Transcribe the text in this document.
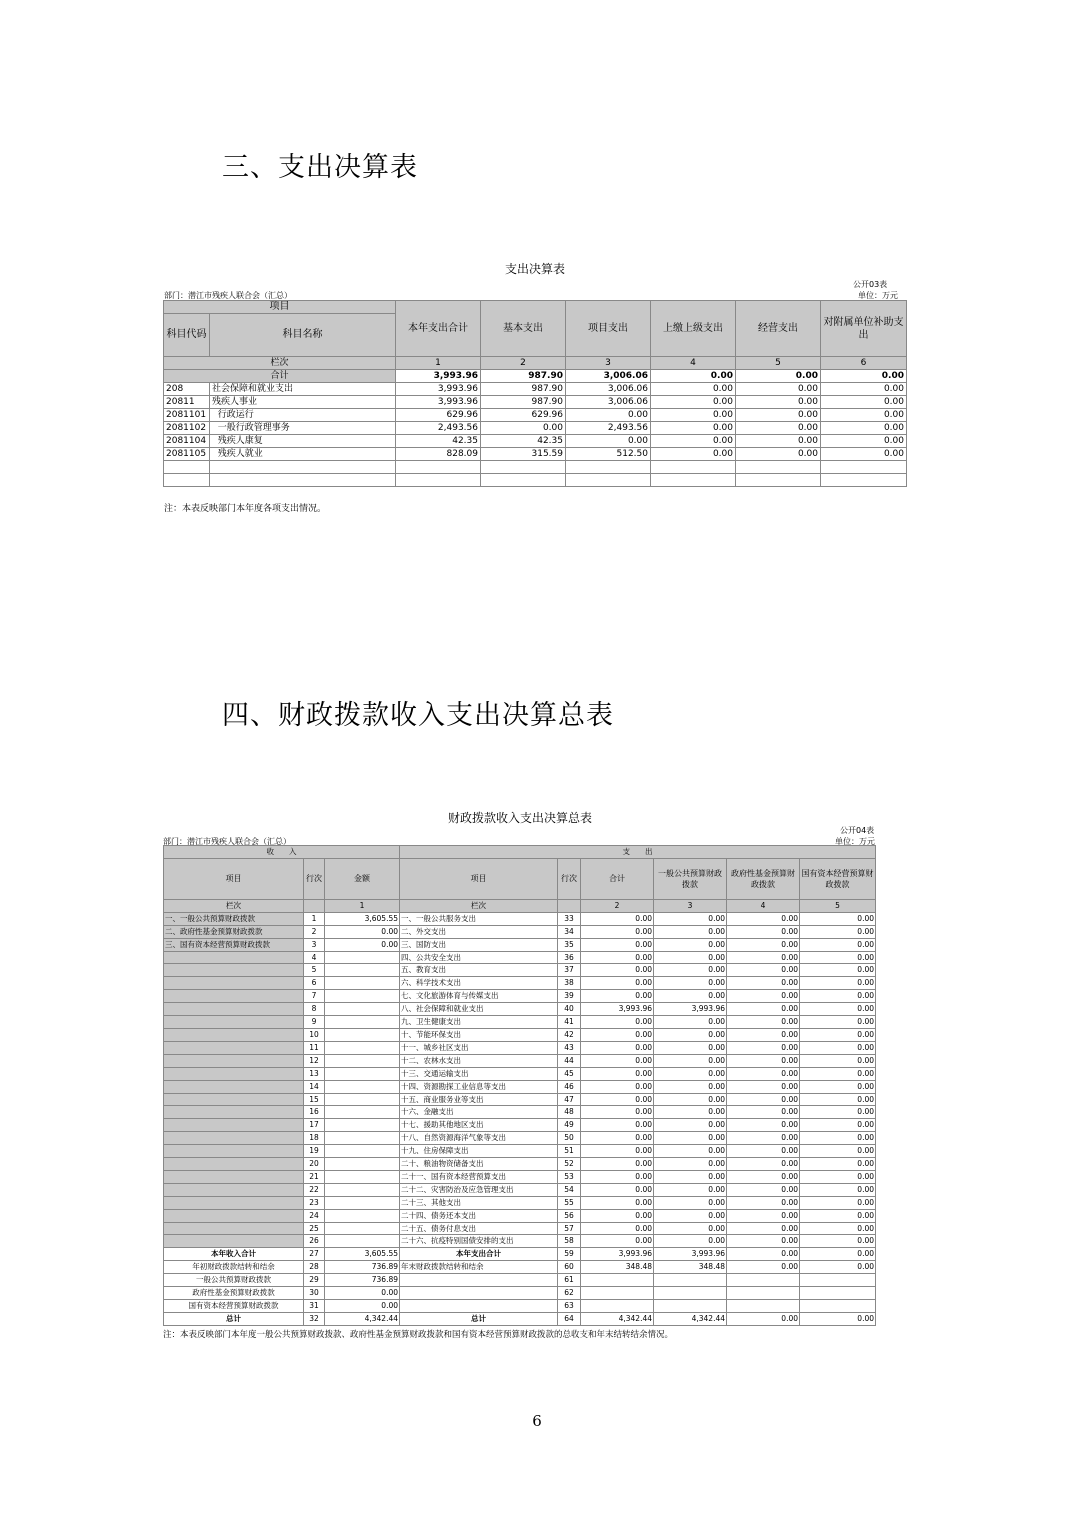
三、支出决算表
支出决算表
公开03表
部门：潜江市残疾人联合会（汇总）	单位：万元
项目		本年支出合计	基本支出	项目支出	上缴上级支出	经营支出	对附属单位补助支出
科目代码	科目名称						
栏次		1	2	3	4	5	6
合计		3,993.96	987.90	3,006.06	0.00	0.00	0.00
208	社会保障和就业支出	3,993.96	987.90	3,006.06	0.00	0.00	0.00
20811	残疾人事业	3,993.96	987.90	3,006.06	0.00	0.00	0.00
2081101	行政运行	629.96	629.96	0.00	0.00	0.00	0.00
2081102	一般行政管理事务	2,493.56	0.00	2,493.56	0.00	0.00	0.00
2081104	残疾人康复	42.35	42.35	0.00	0.00	0.00	0.00
2081105	残疾人就业	828.09	315.59	512.50	0.00	0.00	0.00

注：本表反映部门本年度各项支出情况。
四、财政拨款收入支出决算总表
财政拨款收入支出决算总表
公开04表
部门：潜江市残疾人联合会（汇总）	单位：万元
收　　入			支　　出					
项目	行次	金额	项目	行次	合计	一般公共预算财政拨款	政府性基金预算财政拨款	国有资本经营预算财政拨款
栏次		1	栏次		2	3	4	5
一、一般公共预算财政拨款	1	3,605.55	一、一般公共服务支出	33	0.00	0.00	0.00	0.00
二、政府性基金预算财政拨款	2	0.00	二、外交支出	34	0.00	0.00	0.00	0.00
三、国有资本经营预算财政拨款	3	0.00	三、国防支出	35	0.00	0.00	0.00	0.00
	4		四、公共安全支出	36	0.00	0.00	0.00	0.00
	5		五、教育支出	37	0.00	0.00	0.00	0.00
	6		六、科学技术支出	38	0.00	0.00	0.00	0.00
	7		七、文化旅游体育与传媒支出	39	0.00	0.00	0.00	0.00
	8		八、社会保障和就业支出	40	3,993.96	3,993.96	0.00	0.00
	9		九、卫生健康支出	41	0.00	0.00	0.00	0.00
	10		十、节能环保支出	42	0.00	0.00	0.00	0.00
	11		十一、城乡社区支出	43	0.00	0.00	0.00	0.00
	12		十二、农林水支出	44	0.00	0.00	0.00	0.00
	13		十三、交通运输支出	45	0.00	0.00	0.00	0.00
	14		十四、资源勘探工业信息等支出	46	0.00	0.00	0.00	0.00
	15		十五、商业服务业等支出	47	0.00	0.00	0.00	0.00
	16		十六、金融支出	48	0.00	0.00	0.00	0.00
	17		十七、援助其他地区支出	49	0.00	0.00	0.00	0.00
	18		十八、自然资源海洋气象等支出	50	0.00	0.00	0.00	0.00
	19		十九、住房保障支出	51	0.00	0.00	0.00	0.00
	20		二十、粮油物资储备支出	52	0.00	0.00	0.00	0.00
	21		二十一、国有资本经营预算支出	53	0.00	0.00	0.00	0.00
	22		二十二、灾害防治及应急管理支出	54	0.00	0.00	0.00	0.00
	23		二十三、其他支出	55	0.00	0.00	0.00	0.00
	24		二十四、债务还本支出	56	0.00	0.00	0.00	0.00
	25		二十五、债务付息支出	57	0.00	0.00	0.00	0.00
	26		二十六、抗疫特别国债安排的支出	58	0.00	0.00	0.00	0.00
本年收入合计	27	3,605.55	本年支出合计	59	3,993.96	3,993.96	0.00	0.00
年初财政拨款结转和结余	28	736.89	年末财政拨款结转和结余	60	348.48	348.48	0.00	0.00
一般公共预算财政拨款	29	736.89		61				
政府性基金预算财政拨款	30	0.00		62				
国有资本经营预算财政拨款	31	0.00		63				
总计	32	4,342.44	总计	64	4,342.44	4,342.44	0.00	0.00
注：本表反映部门本年度一般公共预算财政拨款、政府性基金预算财政拨款和国有资本经营预算财政拨款的总收支和年末结转结余情况。
6
